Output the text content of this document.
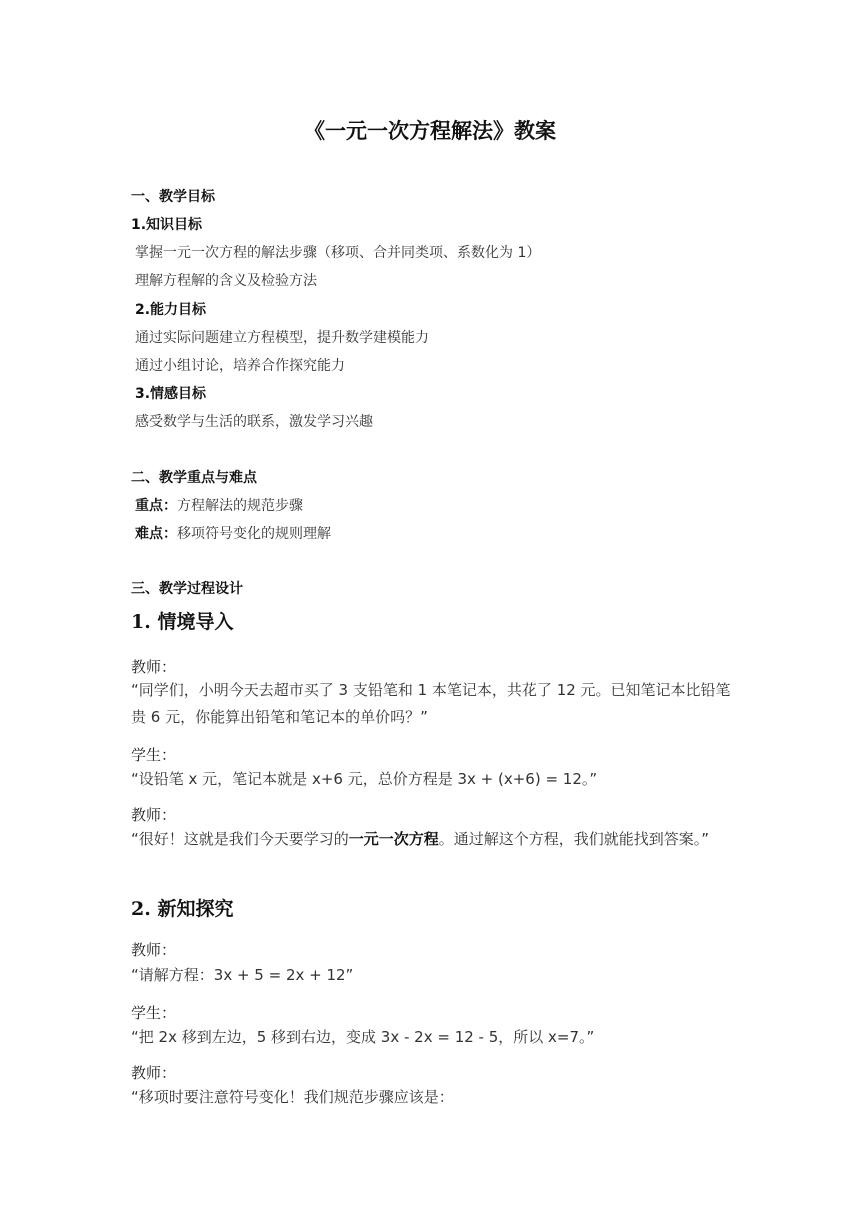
《一元一次方程解法》教案
一、教学目标
1.知识目标
掌握一元一次方程的解法步骤（移项、合并同类项、系数化为 1）
理解方程解的含义及检验方法
2.能力目标
通过实际问题建立方程模型，提升数学建模能力
通过小组讨论，培养合作探究能力
3.情感目标
感受数学与生活的联系，激发学习兴趣
二、教学重点与难点
重点：方程解法的规范步骤
难点：移项符号变化的规则理解
三、教学过程设计
1. 情境导入
教师：
“同学们，小明今天去超市买了 3 支铅笔和 1 本笔记本，共花了 12 元。已知笔记本比铅笔贵 6 元，你能算出铅笔和笔记本的单价吗？”
学生：
“设铅笔 x 元，笔记本就是 x+6 元，总价方程是 3x + (x+6) = 12。”
教师：
“很好！这就是我们今天要学习的一元一次方程。通过解这个方程，我们就能找到答案。”
2. 新知探究
教师：
“请解方程：3x + 5 = 2x + 12”
学生：
“把 2x 移到左边，5 移到右边，变成 3x - 2x = 12 - 5，所以 x=7。”
教师：
“移项时要注意符号变化！我们规范步骤应该是：
